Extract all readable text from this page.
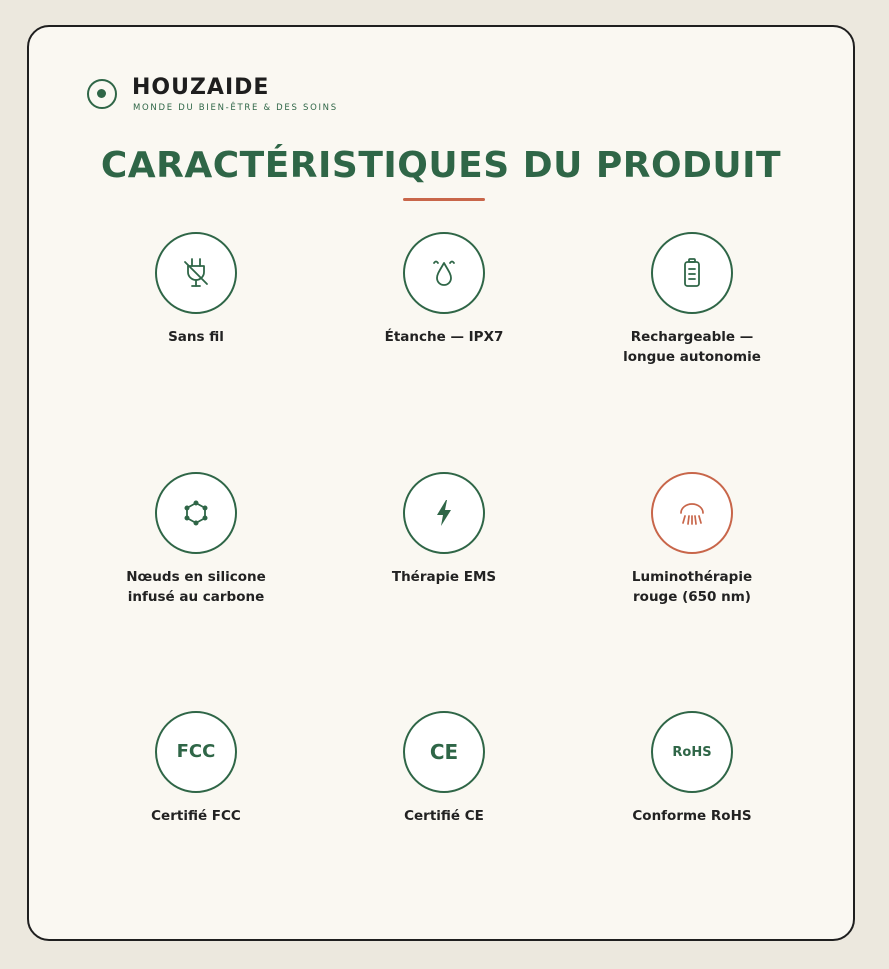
HOUZAIDE
MONDE DU BIEN-ÊTRE & DES SOINS
CARACTÉRISTIQUES DU PRODUIT
Sans fil	Étanche — IPX7	Rechargeable —
longue autonomie
Nœuds en silicone
infusé au carbone
Thérapie EMS	Luminothérapie
rouge (650 nm)
FCC
Certifié FCC
CE
Certifié CE
RoHS
Conforme RoHS
